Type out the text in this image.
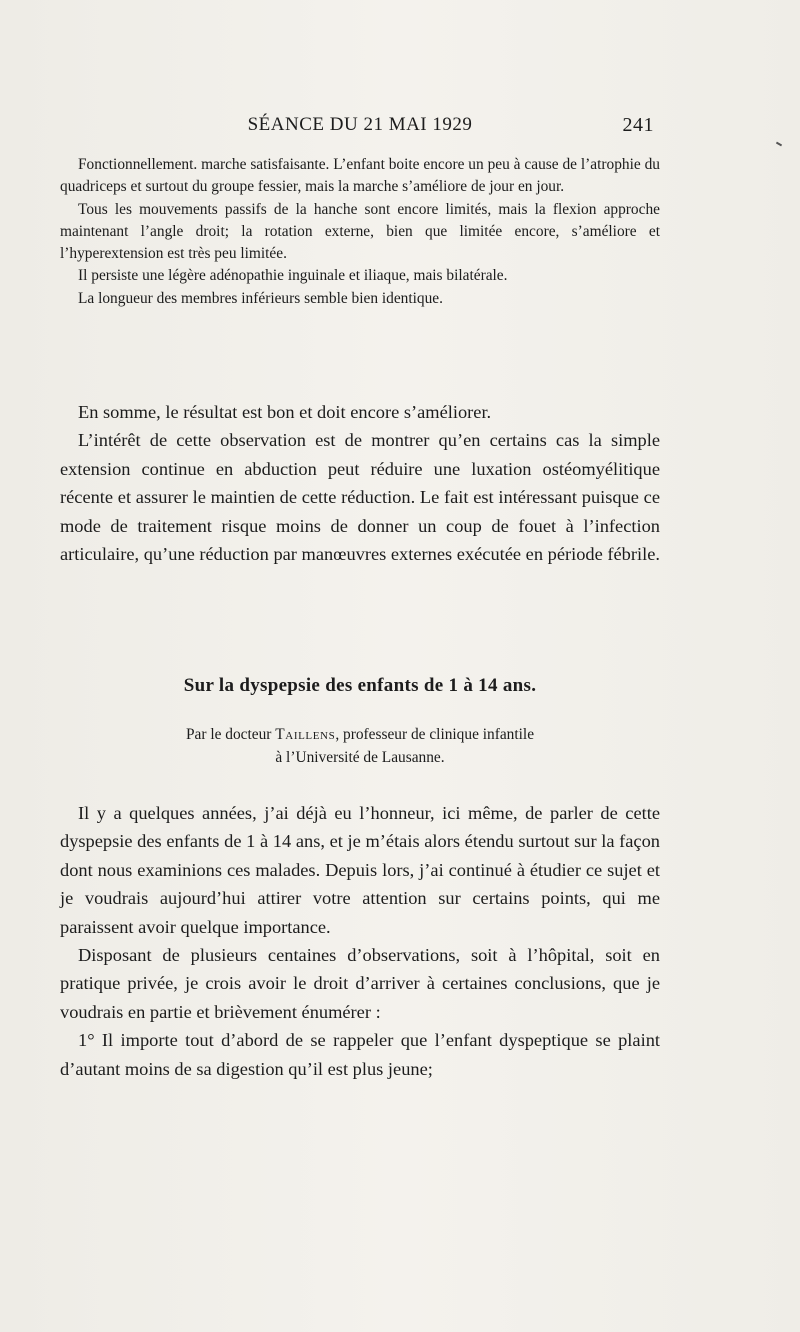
SÉANCE DU 21 MAI 1929	241

Fonctionnellement. marche satisfaisante. L’enfant boite encore un peu à cause de l’atrophie du quadriceps et surtout du groupe fessier, mais la marche s’améliore de jour en jour.

Tous les mouvements passifs de la hanche sont encore limités, mais la flexion approche maintenant l’angle droit; la rotation externe, bien que limitée encore, s’améliore et l’hyperextension est très peu limitée.

Il persiste une légère adénopathie inguinale et iliaque, mais bilatérale.

La longueur des membres inférieurs semble bien identique.

En somme, le résultat est bon et doit encore s’améliorer.

L’intérêt de cette observation est de montrer qu’en certains cas la simple extension continue en abduction peut réduire une luxation ostéomyélitique récente et assurer le maintien de cette réduction. Le fait est intéressant puisque ce mode de traitement risque moins de donner un coup de fouet à l’infection articulaire, qu’une réduction par manœuvres externes exécutée en période fébrile.

Sur la dyspepsie des enfants de 1 à 14 ans.
Par le docteur Taillens, professeur de clinique infantile
à l’Université de Lausanne.

Il y a quelques années, j’ai déjà eu l’honneur, ici même, de parler de cette dyspepsie des enfants de 1 à 14 ans, et je m’étais alors étendu surtout sur la façon dont nous examinions ces malades. Depuis lors, j’ai continué à étudier ce sujet et je voudrais aujourd’hui attirer votre attention sur certains points, qui me paraissent avoir quelque importance.

Disposant de plusieurs centaines d’observations, soit à l’hôpital, soit en pratique privée, je crois avoir le droit d’arriver à certaines conclusions, que je voudrais en partie et brièvement énumérer :

1° Il importe tout d’abord de se rappeler que l’enfant dyspeptique se plaint d’autant moins de sa digestion qu’il est plus jeune;
